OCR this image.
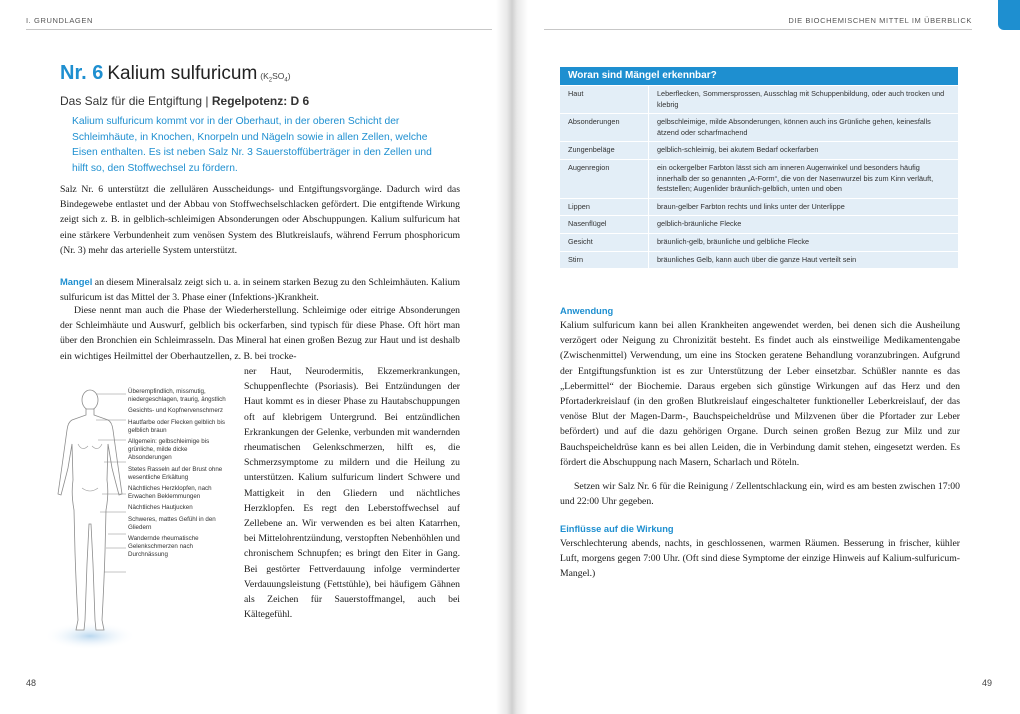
I. GRUNDLAGEN
Nr. 6 Kalium sulfuricum $(K_2SO_4)$
Das Salz für die Entgiftung | Regelpotenz: D 6
Kalium sulfuricum kommt vor in der Oberhaut, in der oberen Schicht der Schleimhäute, in Knochen, Knorpeln und Nägeln sowie in allen Zellen, welche Eisen enthalten. Es ist neben Salz Nr. 3 Sauerstoffüberträger in den Zellen und hilft so, den Stoffwechsel zu fördern.

Salz Nr. 6 unterstützt die zellulären Ausscheidungs- und Entgiftungsvorgänge. Dadurch wird das Bindegewebe entlastet und der Abbau von Stoffwechselschlacken gefördert. Die entgiftende Wirkung zeigt sich z. B. in gelblich-schleimigen Absonderungen oder Abschuppungen. Kalium sulfuricum hat eine stärkere Verbundenheit zum venösen System des Blutkreislaufs, während Ferrum phosphoricum (Nr. 3) mehr das arterielle System unterstützt.

Mangel an diesem Mineralsalz zeigt sich u. a. in seinem starken Bezug zu den Schleimhäuten. Kalium sulfuricum ist das Mittel der 3. Phase einer (Infektions-)Krankheit.

Diese nennt man auch die Phase der Wiederherstellung. Schleimige oder eitrige Absonderungen der Schleimhäute und Auswurf, gelblich bis ockerfarben, sind typisch für diese Phase. Oft hört man über den Bronchien ein Schleimrasseln. Das Mineral hat einen großen Bezug zur Haut und ist deshalb ein wichtiges Heilmittel der Oberhautzellen, z. B. bei trocke-

ner Haut, Neurodermitis, Ekzemerkrankungen, Schuppenflechte (Psoriasis). Bei Entzündungen der Haut kommt es in dieser Phase zu Hautabschuppungen oft auf klebrigem Untergrund. Bei entzündlichen Erkrankungen der Gelenke, verbunden mit wandernden rheumatischen Gelenkschmerzen, hilft es, die Schmerzsymptome zu mildern und die Heilung zu unterstützen. Kalium sulfuricum lindert Schwere und Mattigkeit in den Gliedern und nächtliches Herzklopfen. Es regt den Leberstoffwechsel auf Zellebene an. Wir verwenden es bei alten Katarrhen, bei Mittelohrentzündung, verstopften Nebenhöhlen und chronischem Schnupfen; es bringt den Eiter in Gang. Bei gestörter Fettverdauung infolge verminderter Verdauungsleistung (Fettstühle), bei häufigem Gähnen als Zeichen für Sauerstoffmangel, auch bei Kältegefühl.

Überempfindlich, missmutig, niedergeschlagen, traurig, ängstlich
Gesichts- und Kopfnervenschmerz
Hautfarbe oder Flecken gelblich bis gelblich braun
Allgemein: gelbschleimige bis grünliche, milde dicke Absonderungen
Stetes Rasseln auf der Brust ohne wesentliche Erkältung
Nächtliches Herzklopfen, nach Erwachen Beklemmungen
Nächtliches Hautjucken
Schweres, mattes Gefühl in den Gliedern
Wandernde rheumatische Gelenkschmerzen nach Durchnässung
48
DIE BIOCHEMISCHEN MITTEL IM ÜBERBLICK
49
Woran sind Mängel erkennbar?
Haut	Leberflecken, Sommersprossen, Ausschlag mit Schuppenbildung, oder auch trocken und klebrig
Absonderungen	gelbschleimige, milde Absonderungen, können auch ins Grünliche gehen, keinesfalls ätzend oder scharfmachend
Zungenbeläge	gelblich-schleimig, bei akutem Bedarf ockerfarben
Augenregion	ein ockergelber Farbton lässt sich am inneren Augenwinkel und besonders häufig innerhalb der so genannten „A-Form“, die von der Nasenwurzel bis zum Kinn verläuft, feststellen; Augenlider bräunlich-gelblich, unten und oben
Lippen	braun-gelber Farbton rechts und links unter der Unterlippe
Nasenflügel	gelblich-bräunliche Flecke
Gesicht	bräunlich-gelb, bräunliche und gelbliche Flecke
Stirn	bräunliches Gelb, kann auch über die ganze Haut verteilt sein
Anwendung

Kalium sulfuricum kann bei allen Krankheiten angewendet werden, bei denen sich die Ausheilung verzögert oder Neigung zu Chronizität besteht. Es findet auch als einstweilige Medikamentengabe (Zwischenmittel) Verwendung, um eine ins Stocken geratene Behandlung voranzubringen. Aufgrund der Entgiftungsfunktion ist es zur Unterstützung der Leber einsetzbar. Schüßler nannte es das „Lebermittel“ der Biochemie. Daraus ergeben sich günstige Wirkungen auf das Herz und den Pfortaderkreislauf (in den großen Blutkreislauf eingeschalteter funktioneller Leberkreislauf, der das venöse Blut der Magen-Darm-, Bauchspeicheldrüse und Milzvenen über die Pfortader zur Leber befördert) und auf die dazu gehörigen Organe. Durch seinen großen Bezug zur Milz und zur Bauchspeicheldrüse kann es bei allen Leiden, die in Verbindung damit stehen, eingesetzt werden. Es fördert die Abschuppung nach Masern, Scharlach und Röteln.

Setzen wir Salz Nr. 6 für die Reinigung / Zellentschlackung ein, wird es am besten zwischen 17:00 und 22:00 Uhr gegeben.

Einflüsse auf die Wirkung

Verschlechterung abends, nachts, in geschlossenen, warmen Räumen. Besserung in frischer, kühler Luft, morgens gegen 7:00 Uhr. (Oft sind diese Symptome der einzige Hinweis auf Kalium-sulfuricum-Mangel.)
